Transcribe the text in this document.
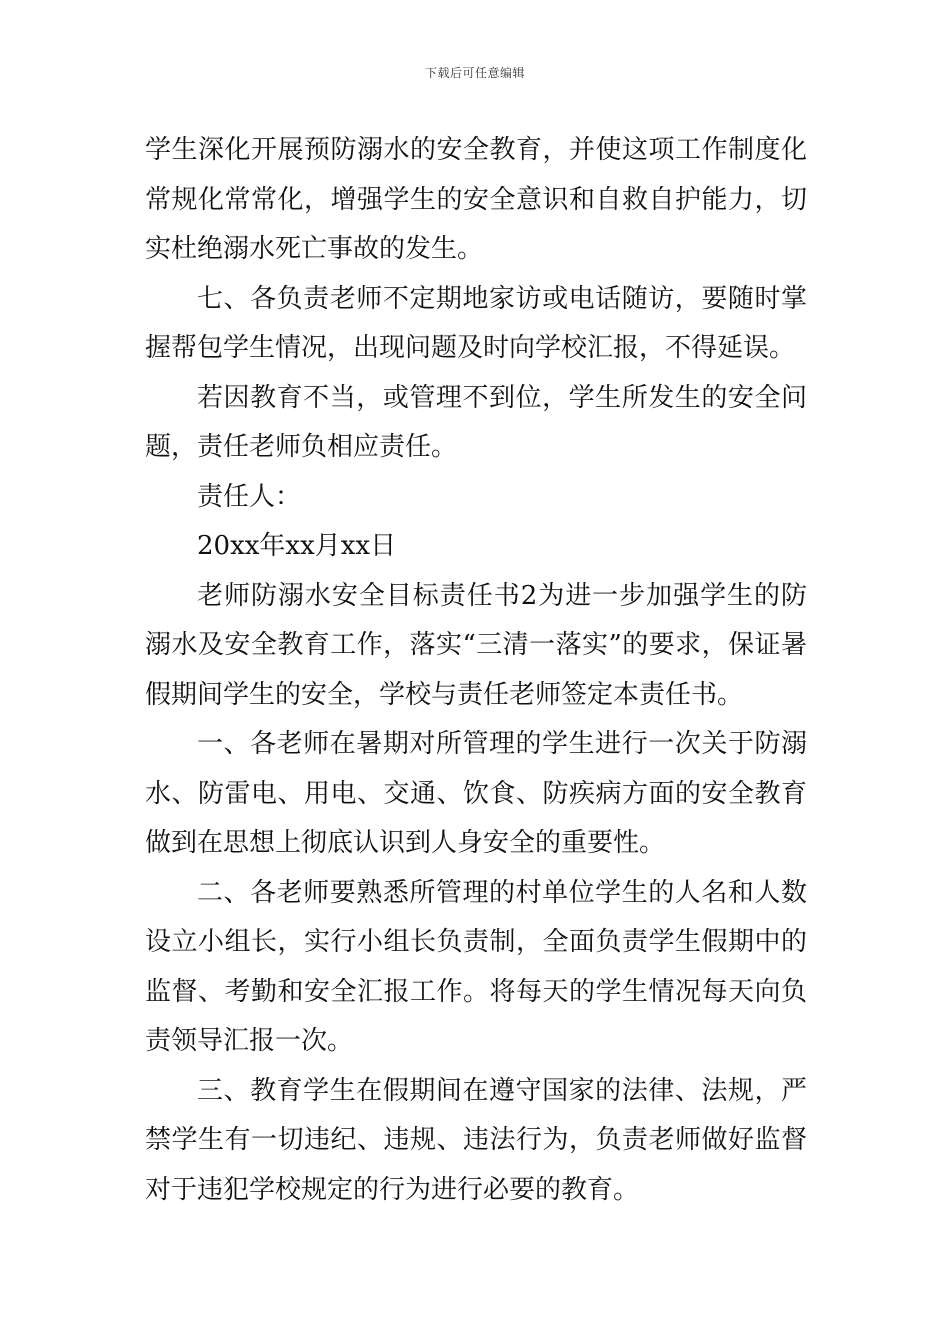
下载后可任意编辑

学生深化开展预防溺水的安全教育，并使这项工作制度化常规化常常化，增强学生的安全意识和自救自护能力，切实杜绝溺水死亡事故的发生。

七、各负责老师不定期地家访或电话随访，要随时掌握帮包学生情况，出现问题及时向学校汇报，不得延误。

若因教育不当，或管理不到位，学生所发生的安全问题，责任老师负相应责任。

责任人：

20xx年xx月xx日

老师防溺水安全目标责任书2为进一步加强学生的防溺水及安全教育工作，落实“三清一落实”的要求，保证暑假期间学生的安全，学校与责任老师签定本责任书。

一、各老师在暑期对所管理的学生进行一次关于防溺水、防雷电、用电、交通、饮食、防疾病方面的安全教育做到在思想上彻底认识到人身安全的重要性。

二、各老师要熟悉所管理的村单位学生的人名和人数设立小组长，实行小组长负责制，全面负责学生假期中的监督、考勤和安全汇报工作。将每天的学生情况每天向负责领导汇报一次。

三、教育学生在假期间在遵守国家的法律、法规，严禁学生有一切违纪、违规、违法行为，负责老师做好监督对于违犯学校规定的行为进行必要的教育。
